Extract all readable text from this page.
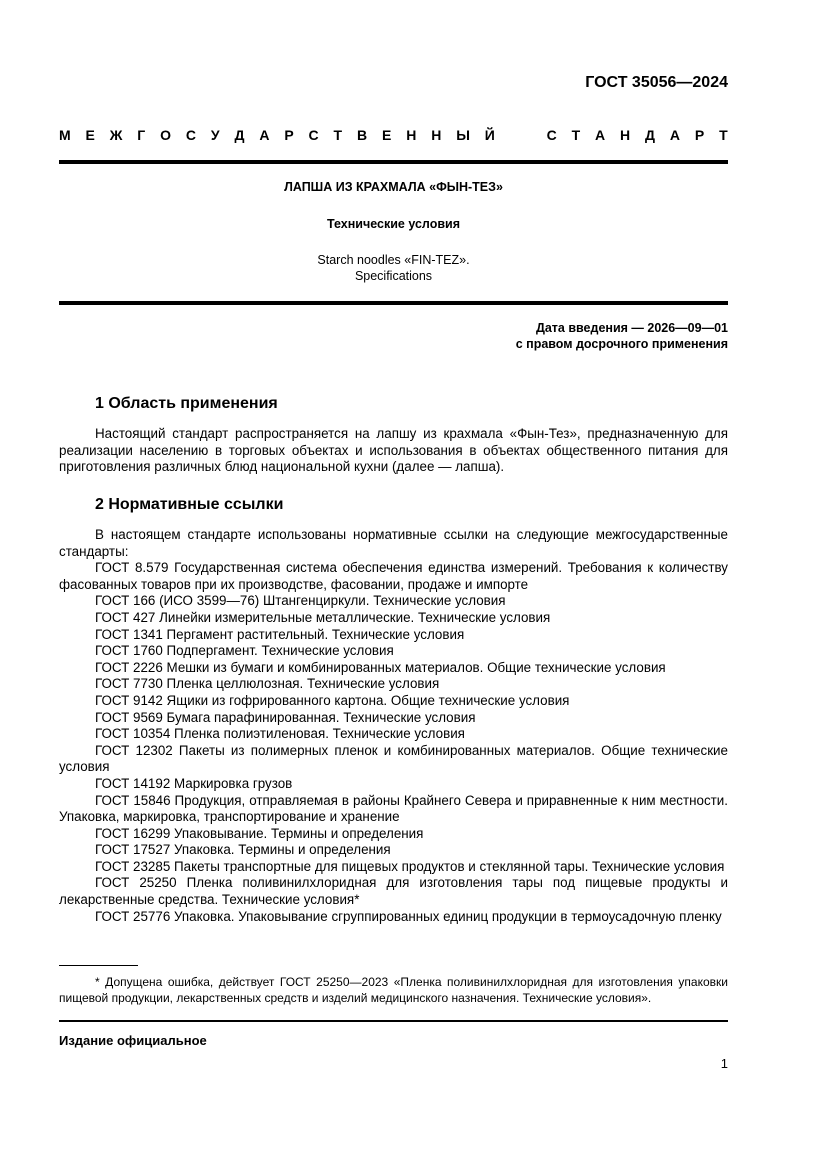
ГОСТ 35056—2024
М Е Ж Г О С У Д А Р С Т В Е Н Н Ы Й	С Т А Н Д А Р Т
ЛАПША ИЗ КРАХМАЛА «ФЫН-ТЕЗ»
Технические условия
Starch noodles «FIN-TEZ».
Specifications
Дата введения — 2026—09—01
с правом досрочного применения
1 Область применения

Настоящий стандарт распространяется на лапшу из крахмала «Фын-Тез», предназначенную для реализации населению в торговых объектах и использования в объектах общественного питания для приготовления различных блюд национальной кухни (далее — лапша).

2 Нормативные ссылки

В настоящем стандарте использованы нормативные ссылки на следующие межгосударственные стандарты:

ГОСТ 8.579 Государственная система обеспечения единства измерений. Требования к количеству фасованных товаров при их производстве, фасовании, продаже и импорте

ГОСТ 166 (ИСО 3599—76) Штангенциркули. Технические условия

ГОСТ 427 Линейки измерительные металлические. Технические условия

ГОСТ 1341 Пергамент растительный. Технические условия

ГОСТ 1760 Подпергамент. Технические условия

ГОСТ 2226 Мешки из бумаги и комбинированных материалов. Общие технические условия

ГОСТ 7730 Пленка целлюлозная. Технические условия

ГОСТ 9142 Ящики из гофрированного картона. Общие технические условия

ГОСТ 9569 Бумага парафинированная. Технические условия

ГОСТ 10354 Пленка полиэтиленовая. Технические условия

ГОСТ 12302 Пакеты из полимерных пленок и комбинированных материалов. Общие технические условия

ГОСТ 14192 Маркировка грузов

ГОСТ 15846 Продукция, отправляемая в районы Крайнего Севера и приравненные к ним местности. Упаковка, маркировка, транспортирование и хранение

ГОСТ 16299 Упаковывание. Термины и определения

ГОСТ 17527 Упаковка. Термины и определения

ГОСТ 23285 Пакеты транспортные для пищевых продуктов и стеклянной тары. Технические условия

ГОСТ 25250 Пленка поливинилхлоридная для изготовления тары под пищевые продукты и лекарственные средства. Технические условия*

ГОСТ 25776 Упаковка. Упаковывание сгруппированных единиц продукции в термоусадочную пленку

* Допущена ошибка, действует ГОСТ 25250—2023 «Пленка поливинилхлоридная для изготовления упаковки пищевой продукции, лекарственных средств и изделий медицинского назначения. Технические условия».

Издание официальное
1
